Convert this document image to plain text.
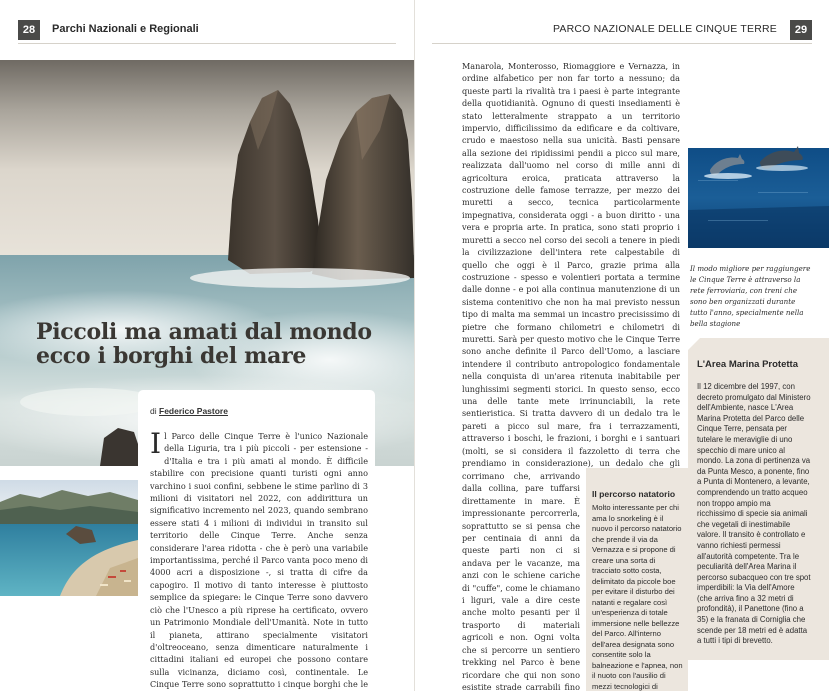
28	Parchi Nazionali e Regionali	PARCO NAZIONALE DELLE CINQUE TERRE	29
Piccoli ma amati dal mondo ecco i borghi del mare
di Federico Pastore
Il Parco delle Cinque Terre è l'unico Nazionale della Liguria, tra i più piccoli - per estensione - d'Italia e tra i più amati al mondo. È difficile stabilire con precisione quanti turisti ogni anno varchino i suoi confini, sebbene le stime parlino di 3 milioni di visitatori nel 2022, con addirittura un significativo incremento nel 2023, quando sembrano essere stati 4 i milioni di individui in transito sul territorio delle Cinque Terre. Anche senza considerare l'area ridotta - che è però una variabile importantissima, perché il Parco vanta poco meno di 4000 acri a disposizione -, si tratta di cifre da capogiro. Il motivo di tanto interesse è piuttosto semplice da spiegare: le Cinque Terre sono davvero ciò che l'Unesco a più riprese ha certificato, ovvero un Patrimonio Mondiale dell'Umanità. Note in tutto il pianeta, attirano specialmente visitatori d'oltreoceano, senza dimenticare naturalmente i cittadini italiani ed europei che possono contare sulla vicinanza, diciamo così, continentale. Le Cinque Terre sono soprattutto i cinque borghi che le
Manarola, Monterosso, Riomaggiore e Vernazza, in ordine alfabetico per non far torto a nessuno; da queste parti la rivalità tra i paesi è parte integrante della quotidianità. Ognuno di questi insediamenti è stato letteralmente strappato a un territorio impervio, difficilissimo da edificare e da coltivare, crudo e maestoso nella sua unicità. Basti pensare alla sezione dei ripidissimi pendii a picco sul mare, realizzata dall'uomo nel corso di mille anni di agricoltura eroica, praticata attraverso la costruzione delle famose terrazze, per mezzo dei muretti a secco, tecnica particolarmente impegnativa, considerata oggi - a buon diritto - una vera e propria arte. In pratica, sono stati proprio i muretti a secco nel corso dei secoli a tenere in piedi la civilizzazione dell'intera rete calpestabile di quello che oggi è il Parco, grazie prima alla costruzione - spesso e volentieri portata a termine dalle donne - e poi alla continua manutenzione di un sistema contenitivo che non ha mai previsto nessun tipo di malta ma semmai un incastro precisissimo di pietre che formano chilometri e chilometri di muretti. Sarà per questo motivo che le Cinque Terre sono anche definite il Parco dell'Uomo, a lasciare intendere il contributo antropologico fondamentale nella conquista di un'area ritenuta inabitabile per lunghissimi segmenti storici. In questo senso, ecco una delle tante mete irrinunciabili, la rete sentieristica. Si tratta davvero di un dedalo tra le pareti a picco sul mare, fra i terrazzamenti, attraverso i boschi, le frazioni, i borghi e i santuari (molti, se si considera il fazzoletto di terra che prendiamo in considerazione), un dedalo che gli
Il modo migliore per raggiungere le Cinque Terre è attraverso la rete ferroviaria, con treni che sono ben organizzati durante tutto l'anno, specialmente nella bella stagione
L'Area Marina Protetta
Il 12 dicembre del 1997, con decreto promulgato dal Ministero dell'Ambiente, nasce L'Area Marina Protetta del Parco delle Cinque Terre, pensata per tutelare le meraviglie di uno specchio di mare unico al mondo. La zona di pertinenza va da Punta Mesco, a ponente, fino a Punta di Montenero, a levante, comprendendo un tratto acqueo non troppo ampio ma ricchissimo di specie sia animali che vegetali di inestimabile valore. Il transito è controllato e vanno richiesti permessi all'autorità competente. Tra le peculiarità dell'Area Marina il percorso subacqueo con tre spot imperdibili: la Via dell'Amore (che arriva fino a 32 metri di profondità), il Panettone (fino a 35) e la franata di Corniglia che scende per 18 metri ed è adatta a tutti i tipi di brevetto.
corrimano che, arrivando dalla collina, pare tuffarsi direttamente in mare. È impressionante percorrerla, soprattutto se si pensa che per centinaia di anni da queste parti non ci si andava per le vacanze, ma anzi con le schiene cariche di "cuffe", come le chiamano i liguri, vale a dire ceste anche molto pesanti per il trasporto di materiali agricoli e non. Ogni volta che si percorre un sentiero trekking nel Parco è bene ricordare che qui non sono esistite strade carrabili fino
Il percorso natatorio
Molto interessante per chi ama lo snorkeling è il nuovo il percorso natatorio che prende il via da Vernazza e si propone di creare una sorta di tracciato sotto costa, delimitato da piccole boe per evitare il disturbo dei natanti e regalare così un'esperienza di totale immersione nelle bellezze del Parco. All'interno dell'area designata sono consentite solo la balneazione e l'apnea, non il nuoto con l'ausilio di mezzi tecnologici di
